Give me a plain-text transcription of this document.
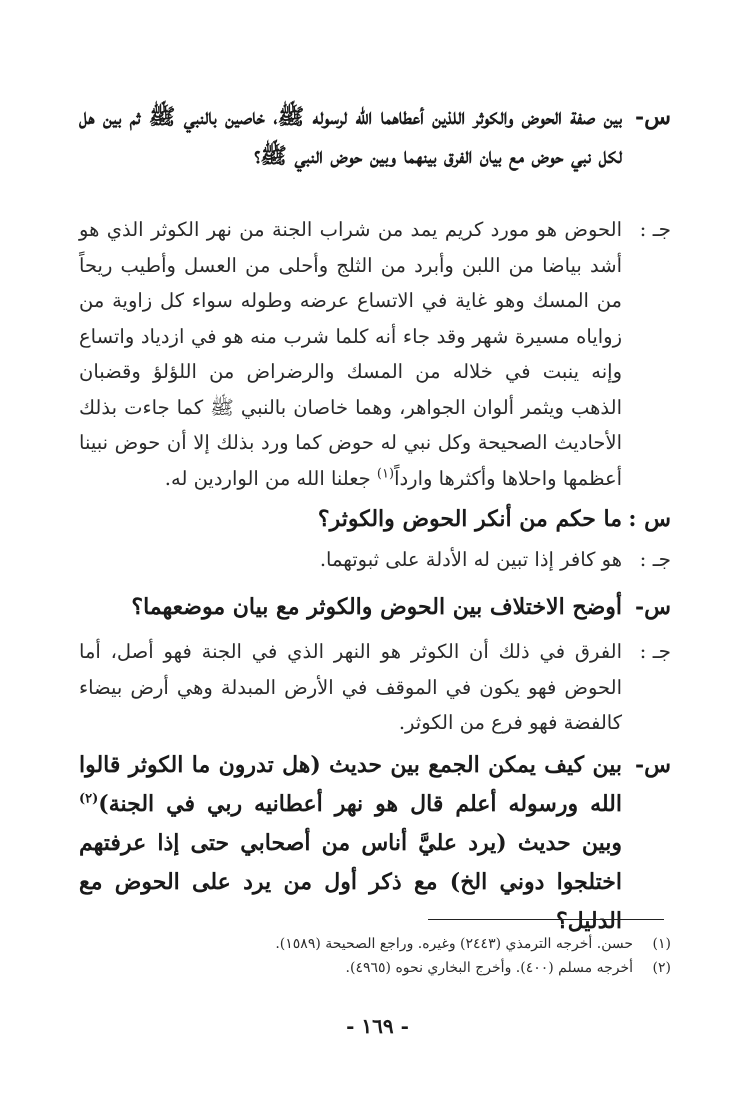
س-
بين صفة الحوض والكوثر اللذين أعطاهما الله لرسوله ﷺ، خاصين بالنبي ﷺ ثم بين هل لكل نبي حوض مع بيان الفرق بينهما وبين حوض النبي ﷺ؟
جـ :
الحوض هو مورد كريم يمد من شراب الجنة من نهر الكوثر الذي هو أشد بياضا من اللبن وأبرد من الثلج وأحلى من العسل وأطيب ريحاً من المسك وهو غاية في الاتساع عرضه وطوله سواء كل زاوية من زواياه مسيرة شهر وقد جاء أنه كلما شرب منه هو في ازدياد واتساع وإنه ينبت في خلاله من المسك والرضراض من اللؤلؤ وقضبان الذهب ويثمر ألوان الجواهر، وهما خاصان بالنبي ﷺ كما جاءت بذلك الأحاديث الصحيحة وكل نبي له حوض كما ورد بذلك إلا أن حوض نبينا أعظمها واحلاها وأكثرها وارداً$^{(١)}$ جعلنا الله من الواردين له.
س :
ما حكم من أنكر الحوض والكوثر؟
جـ :
هو كافر إذا تبين له الأدلة على ثبوتهما.
س-
أوضح الاختلاف بين الحوض والكوثر مع بيان موضعهما؟
جـ :
الفرق في ذلك أن الكوثر هو النهر الذي في الجنة فهو أصل، أما الحوض فهو يكون في الموقف في الأرض المبدلة وهي أرض بيضاء كالفضة فهو فرع من الكوثر.
س-
بين كيف يمكن الجمع بين حديث (هل تدرون ما الكوثر قالوا الله ورسوله أعلم قال هو نهر أعطانيه ربي في الجنة)$^{(٢)}$ وبين حديث (يرد عليَّ أناس من أصحابي حتى إذا عرفتهم اختلجوا دوني الخ) مع ذكر أول من يرد على الحوض مع الدليل؟
(١)حسن. أخرجه الترمذي (٢٤٤٣) وغيره. وراجع الصحيحة (١٥٨٩).
(٢)أخرجه مسلم (٤٠٠). وأخرج البخاري نحوه (٤٩٦٥).
- ١٦٩ -
